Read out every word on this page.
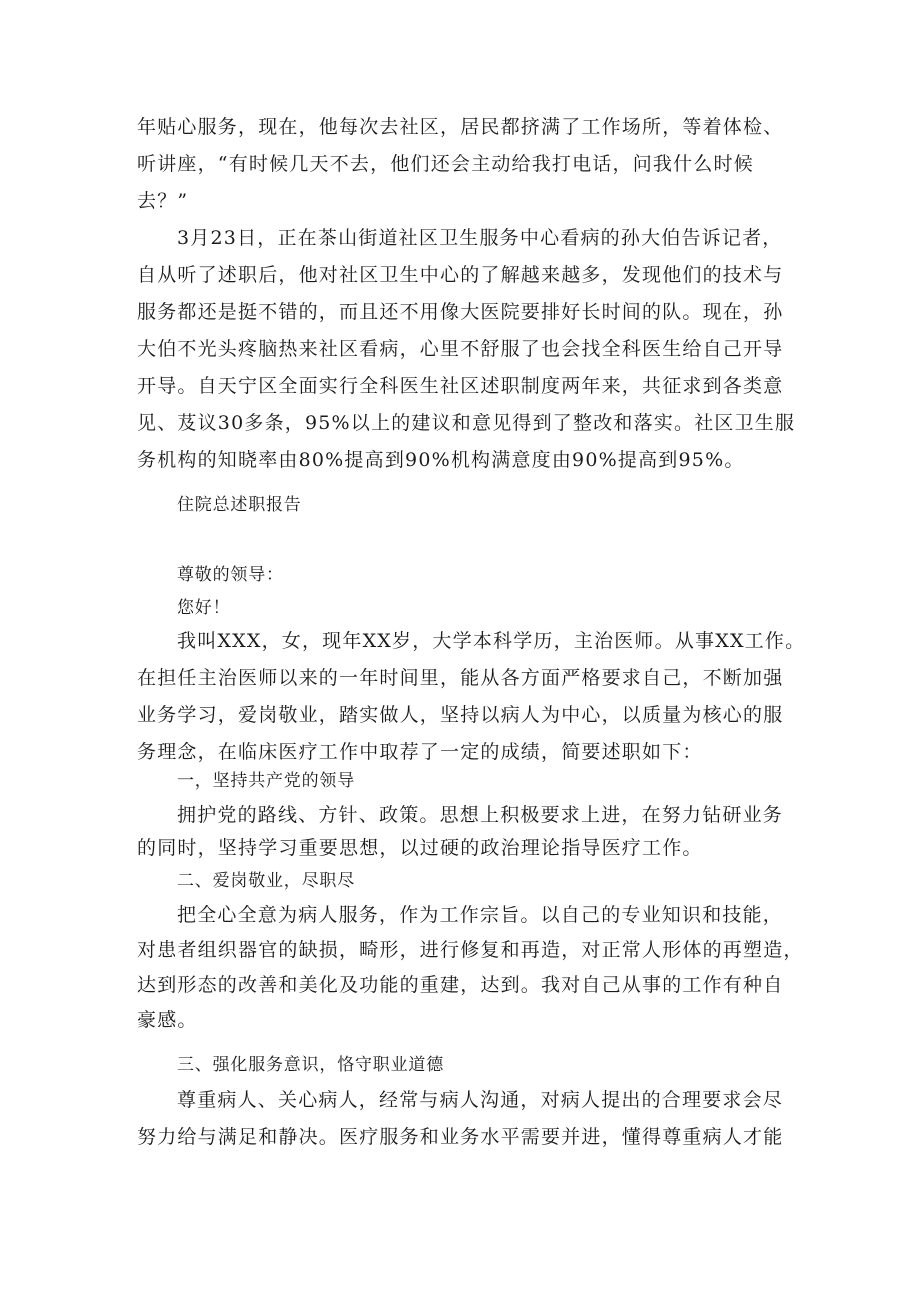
年贴心服务，现在，他每次去社区，居民都挤满了工作场所，等着体检、
听讲座，“有时候几天不去，他们还会主动给我打电话，问我什么时候
去？”
3月23日，正在茶山街道社区卫生服务中心看病的孙大伯告诉记者，
自从听了述职后，他对社区卫生中心的了解越来越多，发现他们的技术与
服务都还是挺不错的，而且还不用像大医院要排好长时间的队。现在，孙
大伯不光头疼脑热来社区看病，心里不舒服了也会找全科医生给自己开导
开导。自天宁区全面实行全科医生社区述职制度两年来，共征求到各类意
见、芨议30多条，95%以上的建议和意见得到了整改和落实。社区卫生服
务机构的知晓率由80%提高到90%机构满意度由90%提高到95%。
住院总述职报告
尊敬的领导：
您好！
我叫XXX，女，现年XX岁，大学本科学历，主治医师。从事XX工作。
在担任主治医师以来的一年时间里，能从各方面严格要求自己，不断加强
业务学习，爱岗敬业，踏实做人，坚持以病人为中心，以质量为核心的服
务理念，在临床医疗工作中取荐了一定的成绩，简要述职如下：
一，坚持共产党的领导
拥护党的路线、方针、政策。思想上积极要求上进，在努力钻研业务
的同时，坚持学习重要思想，以过硬的政治理论指导医疗工作。
二、爱岗敬业，尽职尽
把全心全意为病人服务，作为工作宗旨。以自己的专业知识和技能，
对患者组织器官的缺损，畸形，进行修复和再造，对正常人形体的再塑造，
达到形态的改善和美化及功能的重建，达到。我对自己从事的工作有种自
豪感。
三、强化服务意识，恪守职业道德
尊重病人、关心病人，经常与病人沟通，对病人提出的合理要求会尽
努力给与满足和静决。医疗服务和业务水平需要并进，懂得尊重病人才能
